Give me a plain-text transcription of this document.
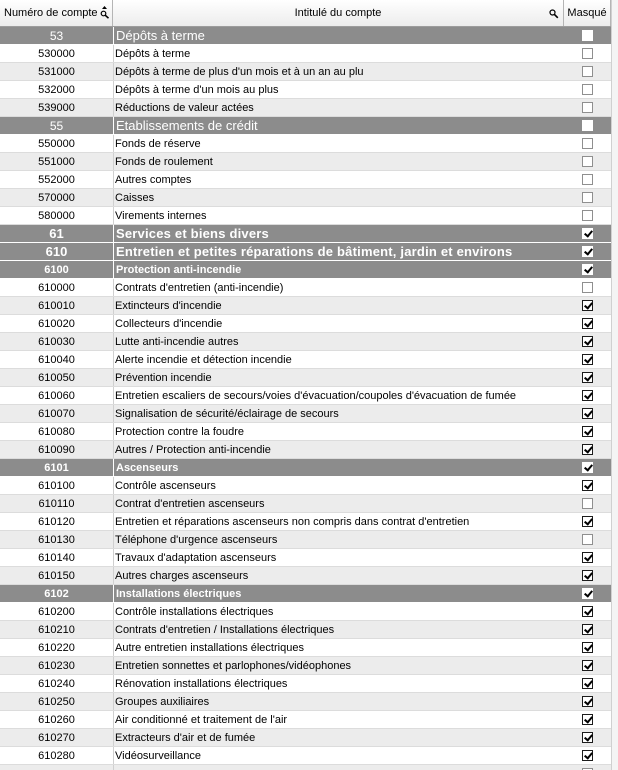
Numéro de compte	Intitulé du compte	Masqué
53	Dépôts à terme
530000	Dépôts à terme
531000	Dépôts à terme de plus d'un mois et à un an au plu
532000	Dépôts à terme d'un mois au plus
539000	Réductions de valeur actées
55	Etablissements de crédit
550000	Fonds de réserve
551000	Fonds de roulement
552000	Autres comptes
570000	Caisses
580000	Virements internes
61	Services et biens divers
610	Entretien et petites réparations de bâtiment, jardin et environs
6100	Protection anti-incendie
610000	Contrats d'entretien (anti-incendie)
610010	Extincteurs d'incendie
610020	Collecteurs d'incendie
610030	Lutte anti-incendie autres
610040	Alerte incendie et détection incendie
610050	Prévention incendie
610060	Entretien escaliers de secours/voies d'évacuation/coupoles d'évacuation de fumée
610070	Signalisation de sécurité/éclairage de secours
610080	Protection contre la foudre
610090	Autres / Protection anti-incendie
6101	Ascenseurs
610100	Contrôle ascenseurs
610110	Contrat d'entretien ascenseurs
610120	Entretien et réparations ascenseurs non compris dans contrat d'entretien
610130	Téléphone d'urgence ascenseurs
610140	Travaux d'adaptation ascenseurs
610150	Autres charges ascenseurs
6102	Installations électriques
610200	Contrôle installations électriques
610210	Contrats d'entretien / Installations électriques
610220	Autre entretien installations électriques
610230	Entretien sonnettes et parlophones/vidéophones
610240	Rénovation installations électriques
610250	Groupes auxiliaires
610260	Air conditionné et traitement de l'air
610270	Extracteurs d'air et de fumée
610280	Vidéosurveillance
